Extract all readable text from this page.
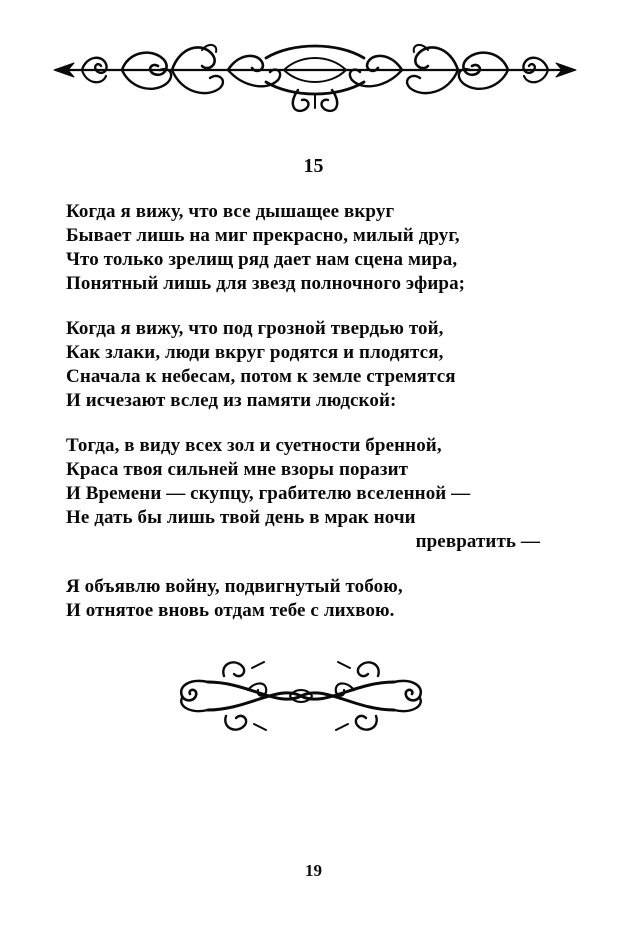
15
Когда я вижу, что все дышащее вкруг
Бывает лишь на миг прекрасно, милый друг,
Что только зрелищ ряд дает нам сцена мира,
Понятный лишь для звезд полночного эфира;
Когда я вижу, что под грозной твердью той,
Как злаки, люди вкруг родятся и плодятся,
Сначала к небесам, потом к земле стремятся
И исчезают вслед из памяти людской:
Тогда, в виду всех зол и суетности бренной,
Краса твоя сильней мне взоры поразит
И Времени — скупцу, грабителю вселенной —
Не дать бы лишь твой день в мрак ночи
превратить —
Я объявлю войну, подвигнутый тобою,
И отнятое вновь отдам тебе с лихвою.
19
